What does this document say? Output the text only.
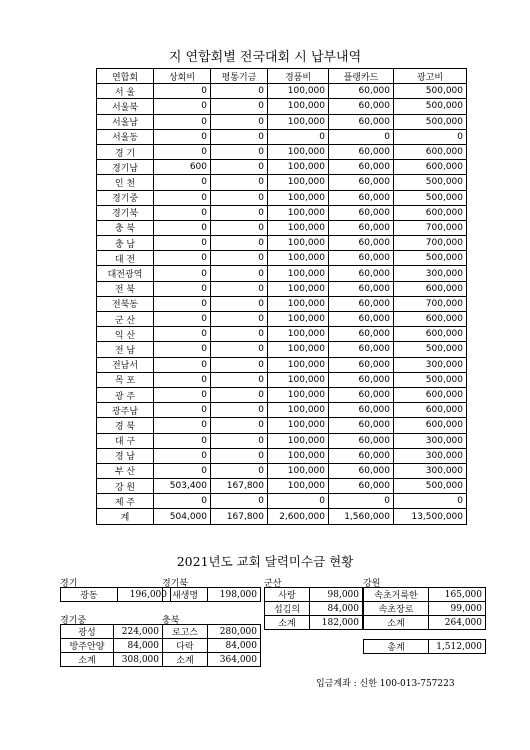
지 연합회별 전국대회 시 납부내역
연합회	상회비	평통기금	경품비	플랭카드	광고비
서 울	0	0	100,000	60,000	500,000
서울북	0	0	100,000	60,000	500,000
서울남	0	0	100,000	60,000	500,000
서울동	0	0	0	0	0
경 기	0	0	100,000	60,000	600,000
경기남	600	0	100,000	60,000	600,000
인 천	0	0	100,000	60,000	500,000
경기중	0	0	100,000	60,000	500,000
경기북	0	0	100,000	60,000	600,000
충 북	0	0	100,000	60,000	700,000
충 남	0	0	100,000	60,000	700,000
대 전	0	0	100,000	60,000	500,000
대전광역	0	0	100,000	60,000	300,000
전 북	0	0	100,000	60,000	600,000
전북동	0	0	100,000	60,000	700,000
군 산	0	0	100,000	60,000	600,000
익 산	0	0	100,000	60,000	600,000
전 남	0	0	100,000	60,000	500,000
전남서	0	0	100,000	60,000	300,000
목 포	0	0	100,000	60,000	500,000
광 주	0	0	100,000	60,000	600,000
광주남	0	0	100,000	60,000	600,000
경 북	0	0	100,000	60,000	600,000
대 구	0	0	100,000	60,000	300,000
경 남	0	0	100,000	60,000	300,000
부 산	0	0	100,000	60,000	300,000
강 원	503,400	167,800	100,000	60,000	500,000
제 주	0	0	0	0	0
계	504,000	167,800	2,600,000	1,560,000	13,500,000
2021년도 교회 달력미수금 현황
경기
광동	196,000
경기북
새생명	198,000
군산
사랑	98,000
섭김의	84,000
소계	182,000
강원
속초거룩한	165,000
속초장로	99,000
소계	264,000
경기중
광성	224,000
방주안양	84,000
소계	308,000
충북
로고스	280,000
다락	84,000
소계	364,000
총계	1,512,000
입금계좌 : 신한 100-013-757223
